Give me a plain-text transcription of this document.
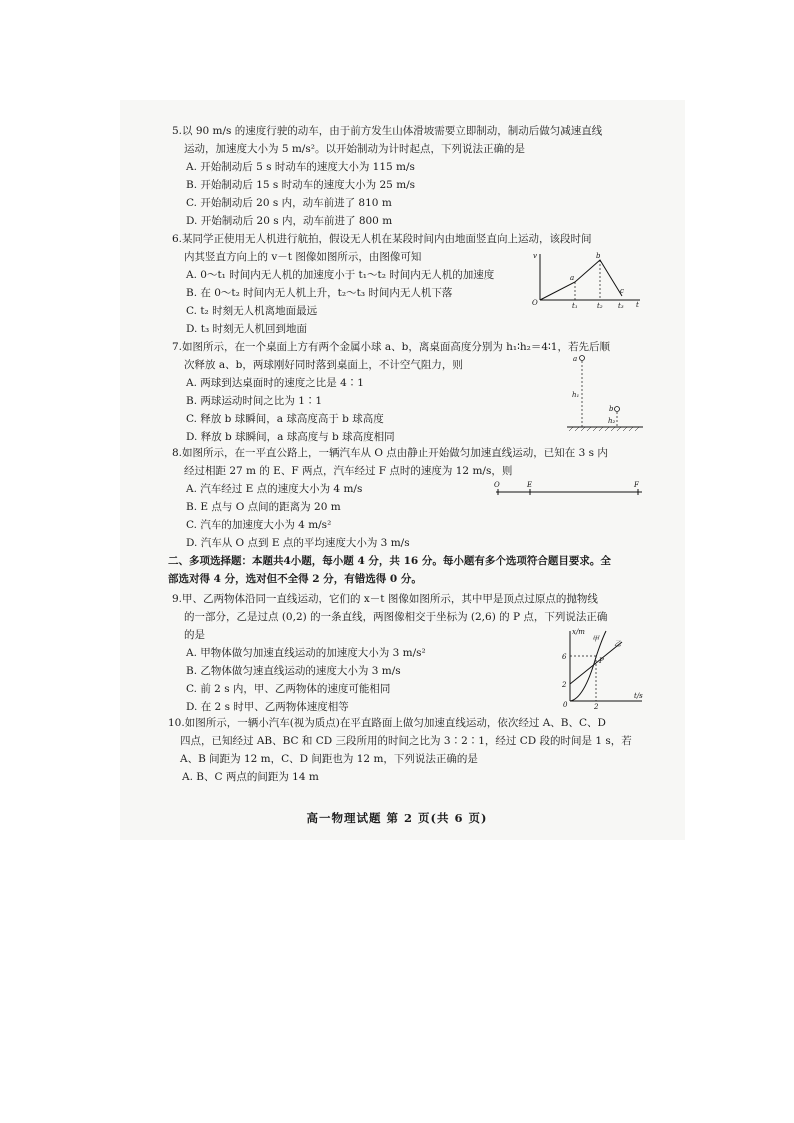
5.以 90 m/s 的速度行驶的动车，由于前方发生山体滑坡需要立即制动，制动后做匀减速直线
运动，加速度大小为 5 m/s²。以开始制动为计时起点，下列说法正确的是
A. 开始制动后 5 s 时动车的速度大小为 115 m/s
B. 开始制动后 15 s 时动车的速度大小为 25 m/s
C. 开始制动后 20 s 内，动车前进了 810 m
D. 开始制动后 20 s 内，动车前进了 800 m
6.某同学正使用无人机进行航拍，假设无人机在某段时间内由地面竖直向上运动，该段时间
内其竖直方向上的 v－t 图像如图所示，由图像可知
A. 0～t₁ 时间内无人机的加速度小于 t₁～t₂ 时间内无人机的加速度
B. 在 0～t₂ 时间内无人机上升，t₂～t₃ 时间内无人机下落
C. t₂ 时刻无人机离地面最远
D. t₃ 时刻无人机回到地面
v
t
O
a
b
c
t₁	t₂ t₃
7.如图所示，在一个桌面上方有两个金属小球 a、b，离桌面高度分别为 h₁∶h₂＝4∶1，若先后顺
次释放 a、b，两球刚好同时落到桌面上，不计空气阻力，则
A. 两球到达桌面时的速度之比是 4∶1
B. 两球运动时间之比为 1∶1
C. 释放 b 球瞬间，a 球高度高于 b 球高度
D. 释放 b 球瞬间，a 球高度与 b 球高度相同
a
b
h₁
h₂
8.如图所示，在一平直公路上，一辆汽车从 O 点由静止开始做匀加速直线运动，已知在 3 s 内
经过相距 27 m 的 E、F 两点，汽车经过 F 点时的速度为 12 m/s，则
A. 汽车经过 E 点的速度大小为 4 m/s
B. E 点与 O 点间的距离为 20 m
C. 汽车的加速度大小为 4 m/s²
D. 汽车从 O 点到 E 点的平均速度大小为 3 m/s
O	E	F
二、多项选择题：本题共4小题，每小题 4 分，共 16 分。每小题有多个选项符合题目要求。全
部选对得 4 分，选对但不全得 2 分，有错选得 0 分。
9.甲、乙两物体沿同一直线运动，它们的 x－t 图像如图所示，其中甲是顶点过原点的抛物线
的一部分，乙是过点 (0,2) 的一条直线，两图像相交于坐标为 (2,6) 的 P 点，下列说法正确
的是
A. 甲物体做匀加速直线运动的加速度大小为 3 m/s²
B. 乙物体做匀速直线运动的速度大小为 3 m/s
C. 前 2 s 内，甲、乙两物体的速度可能相同
D. 在 2 s 时甲、乙两物体速度相等
x/m
t/s
甲
乙
P
6
2
2
0
10.如图所示，一辆小汽车(视为质点)在平直路面上做匀加速直线运动，依次经过 A、B、C、D
四点，已知经过 AB、BC 和 CD 三段所用的时间之比为 3∶2∶1，经过 CD 段的时间是 1 s，若
A、B 间距为 12 m，C、D 间距也为 12 m，下列说法正确的是
A. B、C 两点的间距为 14 m
高一物理试题 第 2 页(共 6 页)
